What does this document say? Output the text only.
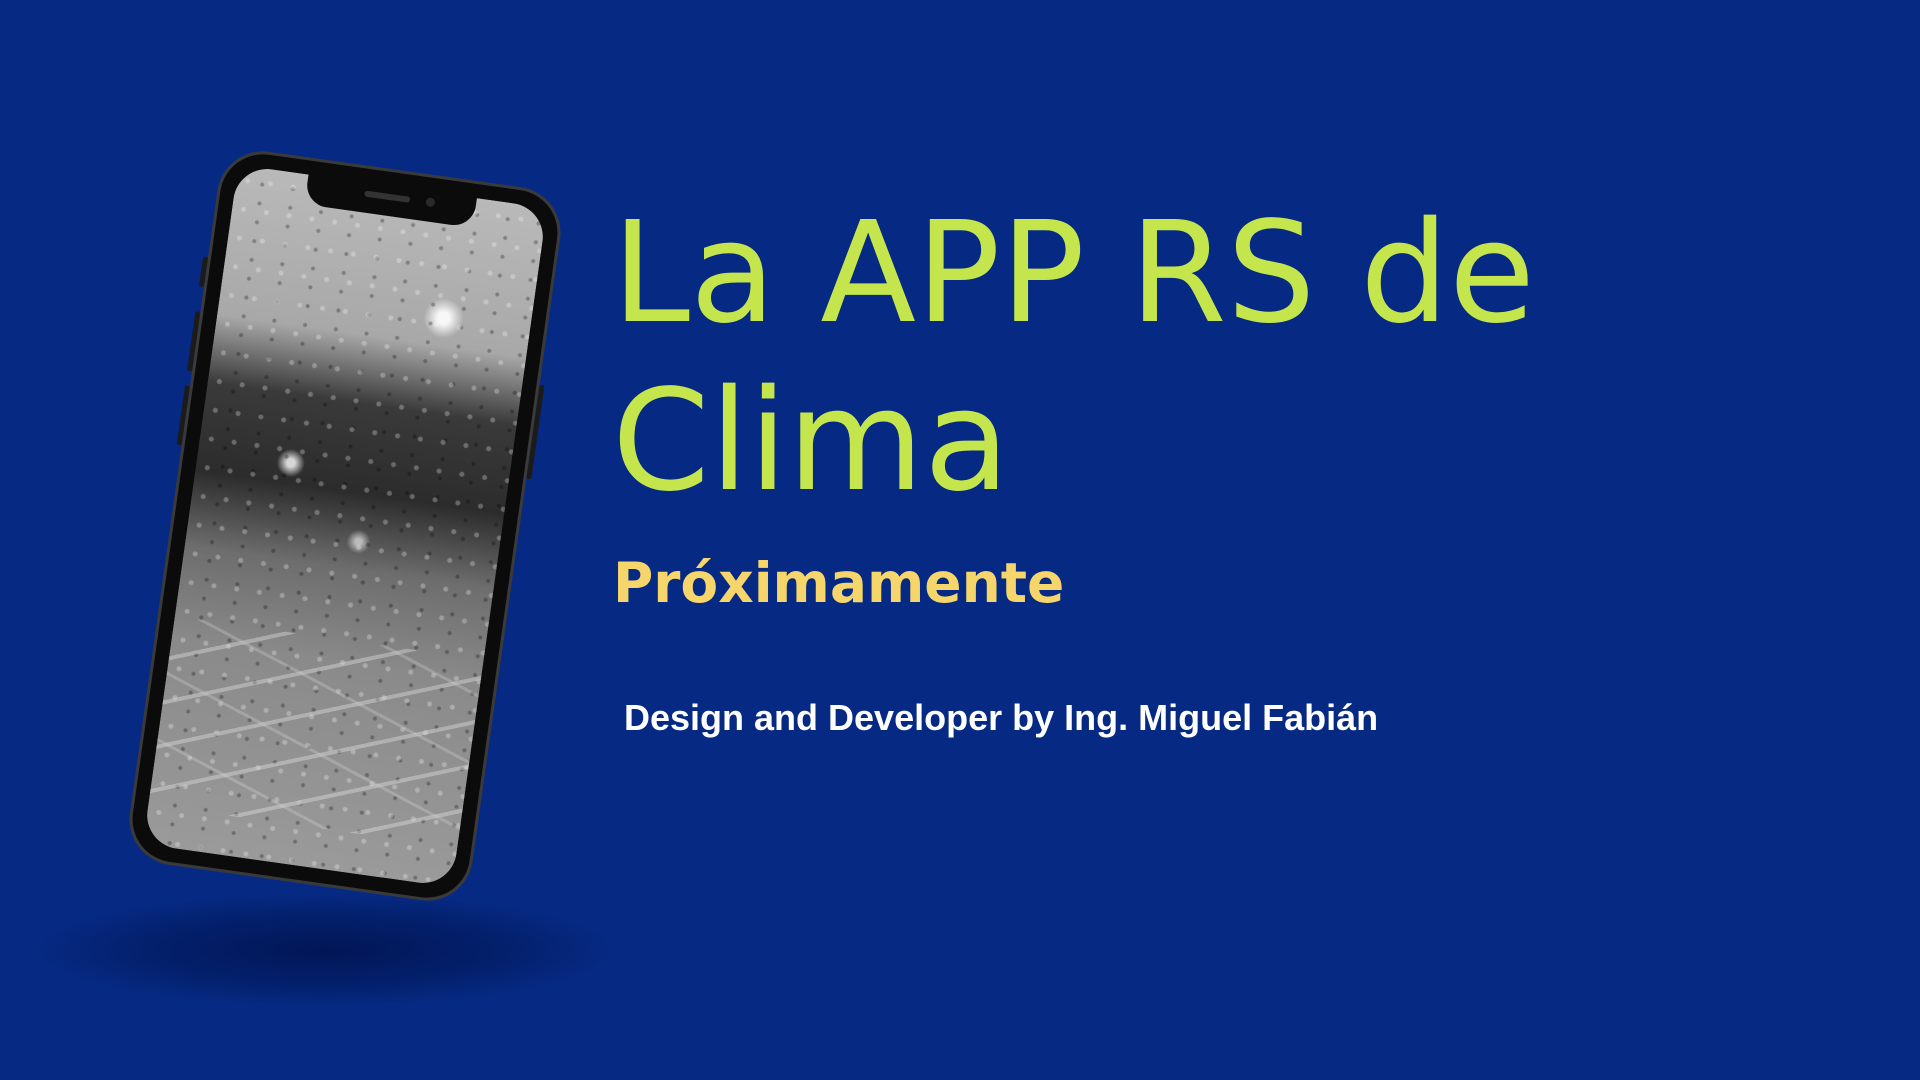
La APP RS de Clima
Próximamente

Design and Developer by Ing. Miguel Fabián
